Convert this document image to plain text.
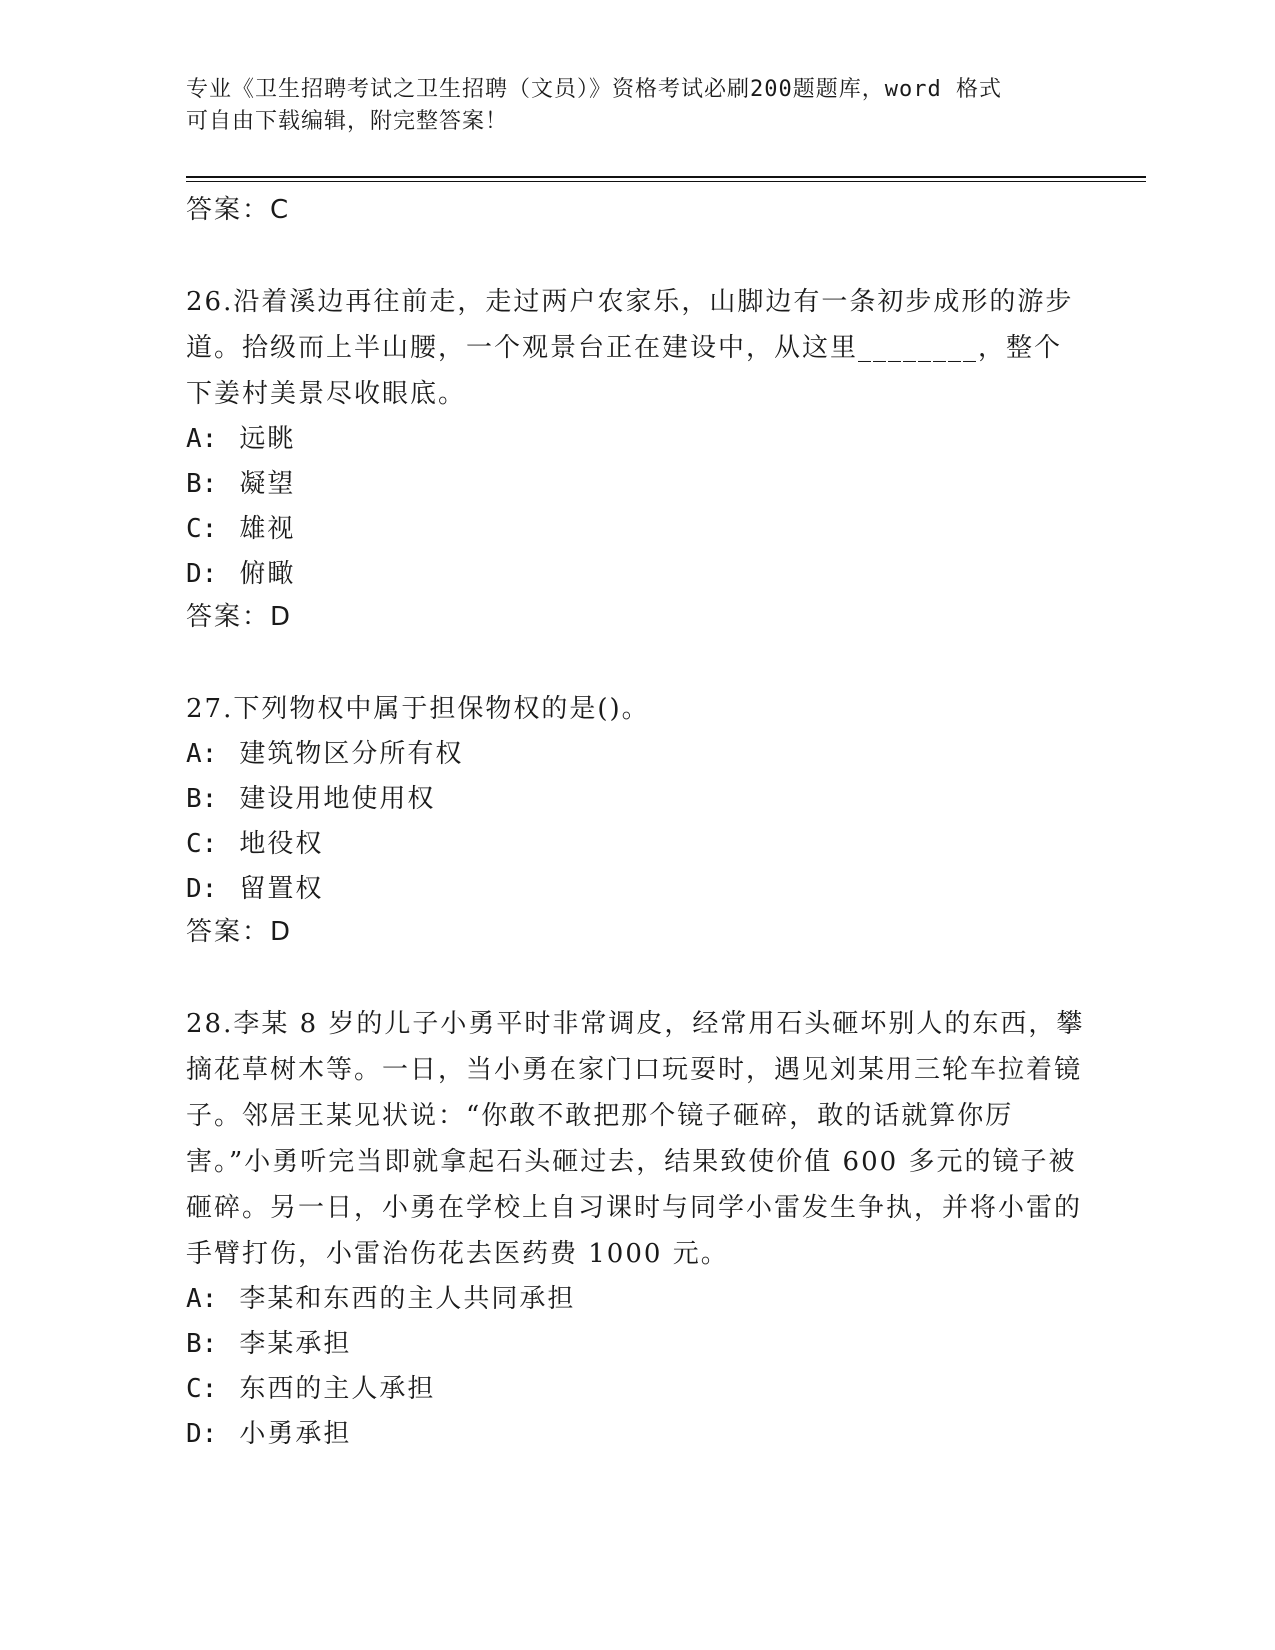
专业《卫生招聘考试之卫生招聘（文员）》资格考试必刷200题题库，word 格式
可自由下载编辑，附完整答案！

答案：C

26.沿着溪边再往前走，走过两户农家乐，山脚边有一条初步成形的游步道。拾级而上半山腰，一个观景台正在建设中，从这里________，整个下姜村美景尽收眼底。

A: 远眺

B: 凝望

C: 雄视

D: 俯瞰

答案：D

27.下列物权中属于担保物权的是()。

A: 建筑物区分所有权

B: 建设用地使用权

C: 地役权

D: 留置权

答案：D

28.李某 8 岁的儿子小勇平时非常调皮，经常用石头砸坏别人的东西，攀摘花草树木等。一日，当小勇在家门口玩耍时，遇见刘某用三轮车拉着镜子。邻居王某见状说：“你敢不敢把那个镜子砸碎，敢的话就算你厉害。”小勇听完当即就拿起石头砸过去，结果致使价值 600 多元的镜子被砸碎。另一日，小勇在学校上自习课时与同学小雷发生争执，并将小雷的手臂打伤，小雷治伤花去医药费 1000 元。

A: 李某和东西的主人共同承担

B: 李某承担

C: 东西的主人承担

D: 小勇承担
